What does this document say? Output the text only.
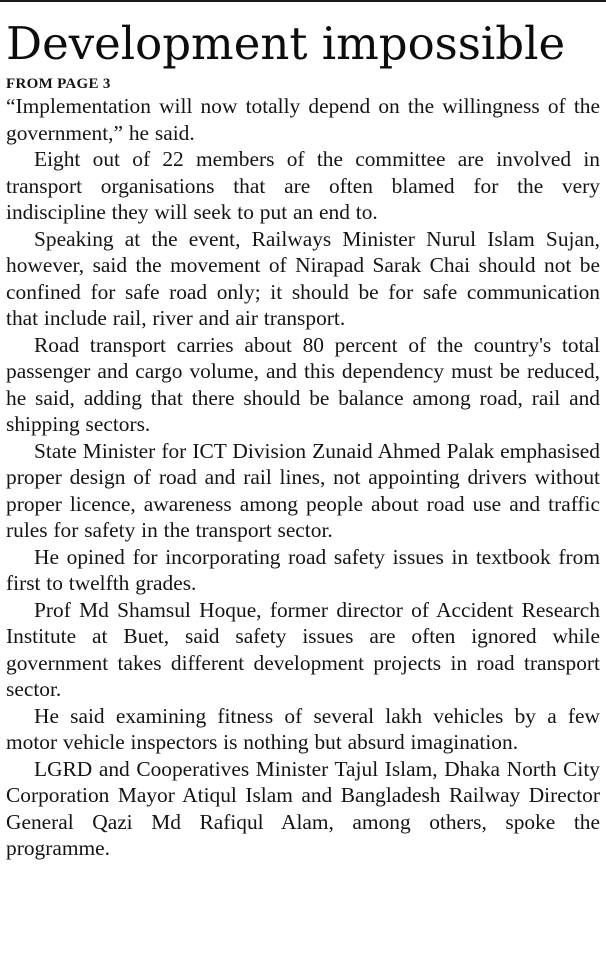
Development impossible
FROM PAGE 3

“Implementation will now totally depend on the willingness of the government,” he said.

Eight out of 22 members of the committee are involved in transport organisations that are often blamed for the very indiscipline they will seek to put an end to.

Speaking at the event, Railways Minister Nurul Islam Sujan, however, said the movement of Nirapad Sarak Chai should not be confined for safe road only; it should be for safe communication that include rail, river and air transport.

Road transport carries about 80 percent of the country's total passenger and cargo volume, and this dependency must be reduced, he said, adding that there should be balance among road, rail and shipping sectors.

State Minister for ICT Division Zunaid Ahmed Palak emphasised proper design of road and rail lines, not appointing drivers without proper licence, awareness among people about road use and traffic rules for safety in the transport sector.

He opined for incorporating road safety issues in textbook from first to twelfth grades.

Prof Md Shamsul Hoque, former director of Accident Research Institute at Buet, said safety issues are often ignored while government takes different development projects in road transport sector.

He said examining fitness of several lakh vehicles by a few motor vehicle inspectors is nothing but absurd imagination.

LGRD and Cooperatives Minister Tajul Islam, Dhaka North City Corporation Mayor Atiqul Islam and Bangladesh Railway Director General Qazi Md Rafiqul Alam, among others, spoke the programme.
